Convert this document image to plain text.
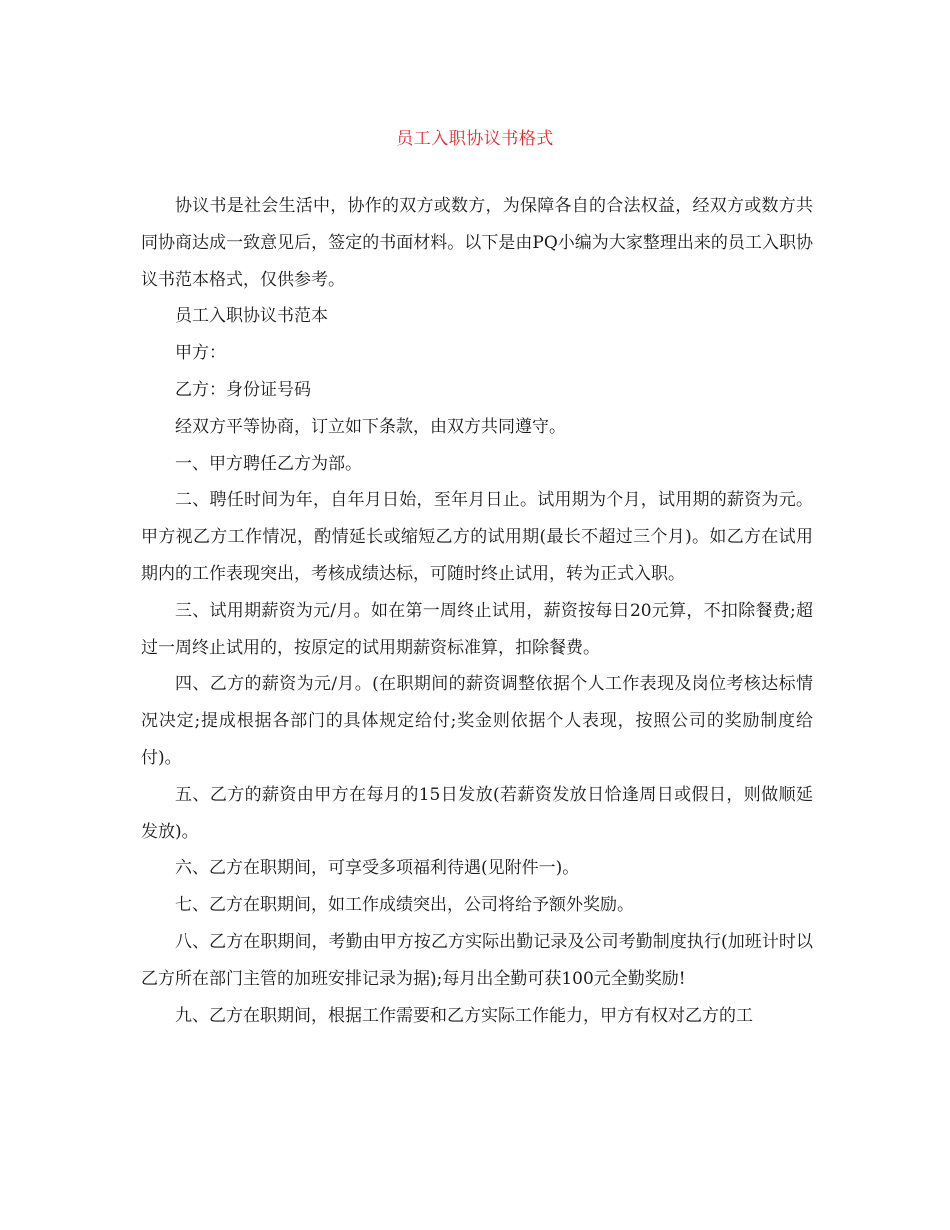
员工入职协议书格式

协议书是社会生活中，协作的双方或数方，为保障各自的合法权益，经双方或数方共同协商达成一致意见后，签定的书面材料。以下是由PQ小编为大家整理出来的员工入职协议书范本格式，仅供参考。

员工入职协议书范本

甲方：

乙方：身份证号码

经双方平等协商，订立如下条款，由双方共同遵守。

一、甲方聘任乙方为部。

二、聘任时间为年，自年月日始，至年月日止。试用期为个月，试用期的薪资为元。甲方视乙方工作情况，酌情延长或缩短乙方的试用期(最长不超过三个月)。如乙方在试用期内的工作表现突出，考核成绩达标，可随时终止试用，转为正式入职。

三、试用期薪资为元/月。如在第一周终止试用，薪资按每日20元算，不扣除餐费;超过一周终止试用的，按原定的试用期薪资标准算，扣除餐费。

四、乙方的薪资为元/月。(在职期间的薪资调整依据个人工作表现及岗位考核达标情况决定;提成根据各部门的具体规定给付;奖金则依据个人表现，按照公司的奖励制度给付)。

五、乙方的薪资由甲方在每月的15日发放(若薪资发放日恰逢周日或假日，则做顺延发放)。

六、乙方在职期间，可享受多项福利待遇(见附件一)。

七、乙方在职期间，如工作成绩突出，公司将给予额外奖励。

八、乙方在职期间，考勤由甲方按乙方实际出勤记录及公司考勤制度执行(加班计时以乙方所在部门主管的加班安排记录为据);每月出全勤可获100元全勤奖励!

九、乙方在职期间，根据工作需要和乙方实际工作能力，甲方有权对乙方的工
